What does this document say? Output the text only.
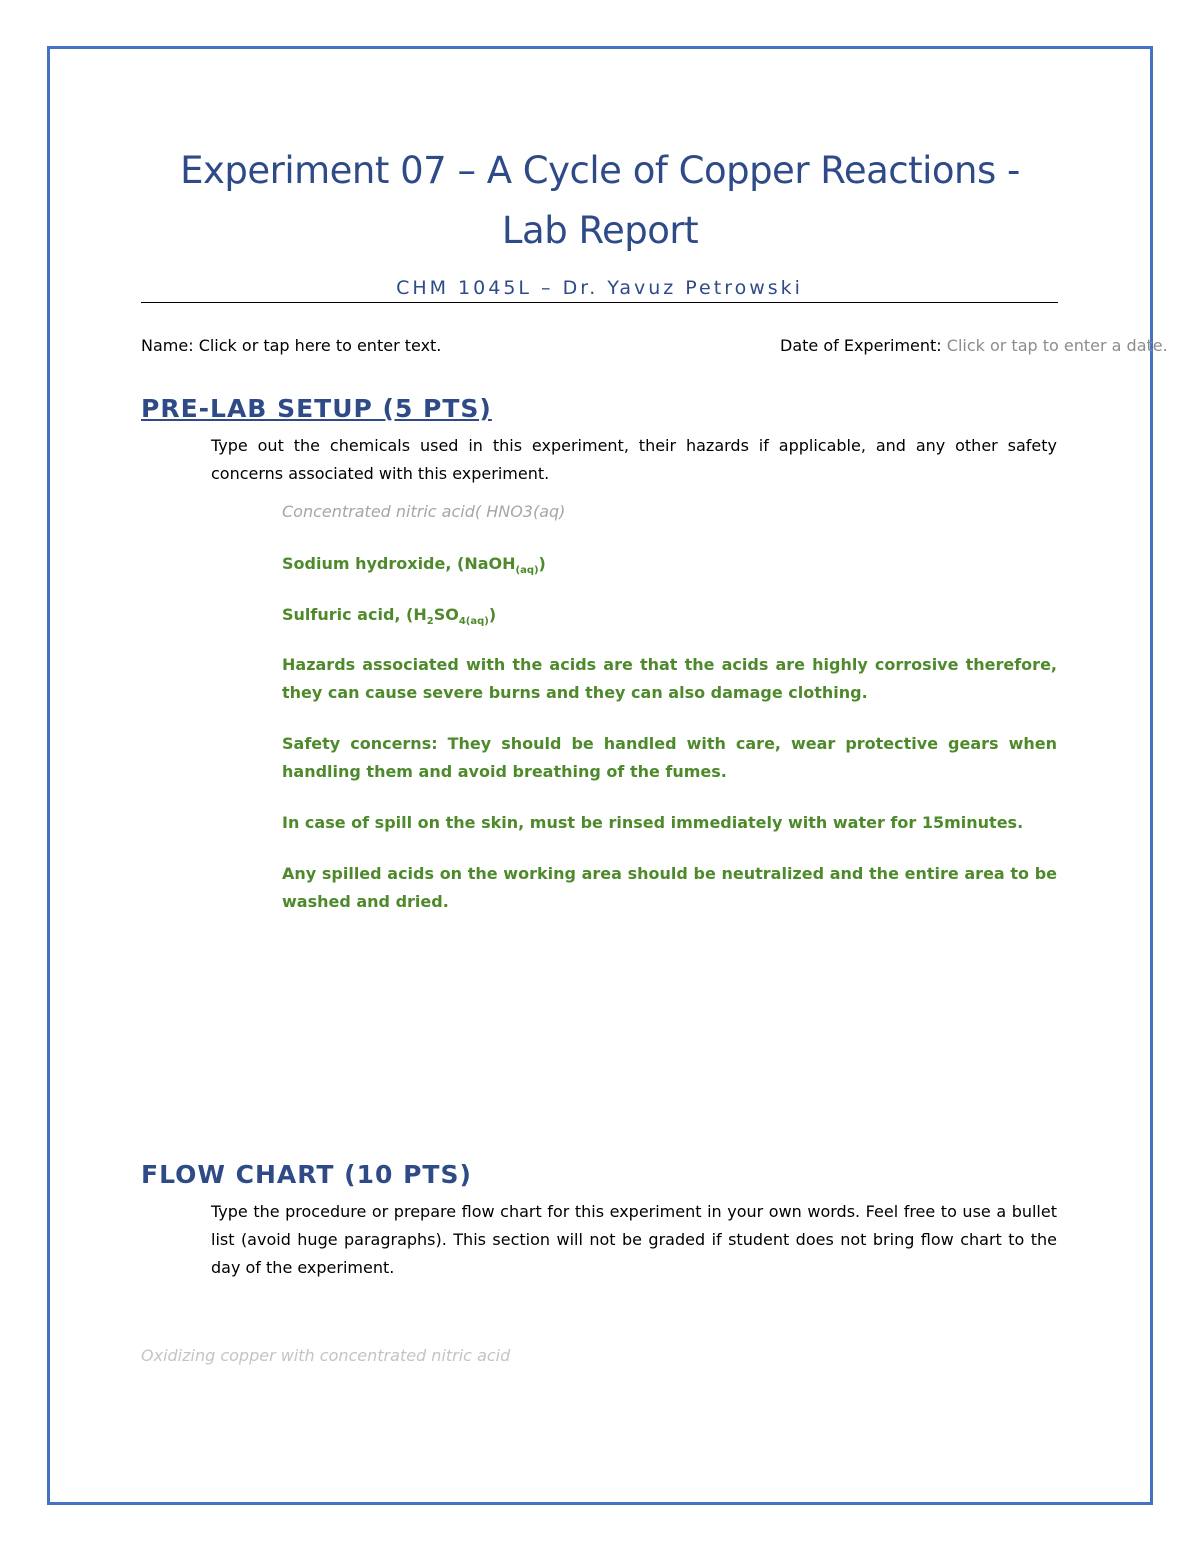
Experiment 07 – A Cycle of Copper Reactions -
Lab Report
CHM 1045L – Dr. Yavuz Petrowski
Name: Click or tap here to enter text.	Date of Experiment: Click or tap to enter a date.
PRE-LAB SETUP (5 PTS)
Type out the chemicals used in this experiment, their hazards if applicable, and any other safety concerns associated with this experiment.
Concentrated nitric acid( HNO3(aq)
Sodium hydroxide, (NaOH$_{(aq)}$)
Sulfuric acid, $(H_2SO_{4(aq)})$
Hazards associated with the acids are that the acids are highly corrosive therefore, they can cause severe burns and they can also damage clothing.
Safety concerns: They should be handled with care, wear protective gears when handling them and avoid breathing of the fumes.
In case of spill on the skin, must be rinsed immediately with water for 15minutes.
Any spilled acids on the working area should be neutralized and the entire area to be washed and dried.
FLOW CHART (10 PTS)
Type the procedure or prepare flow chart for this experiment in your own words. Feel free to use a bullet list (avoid huge paragraphs). This section will not be graded if student does not bring flow chart to the day of the experiment.
Oxidizing copper with concentrated nitric acid
